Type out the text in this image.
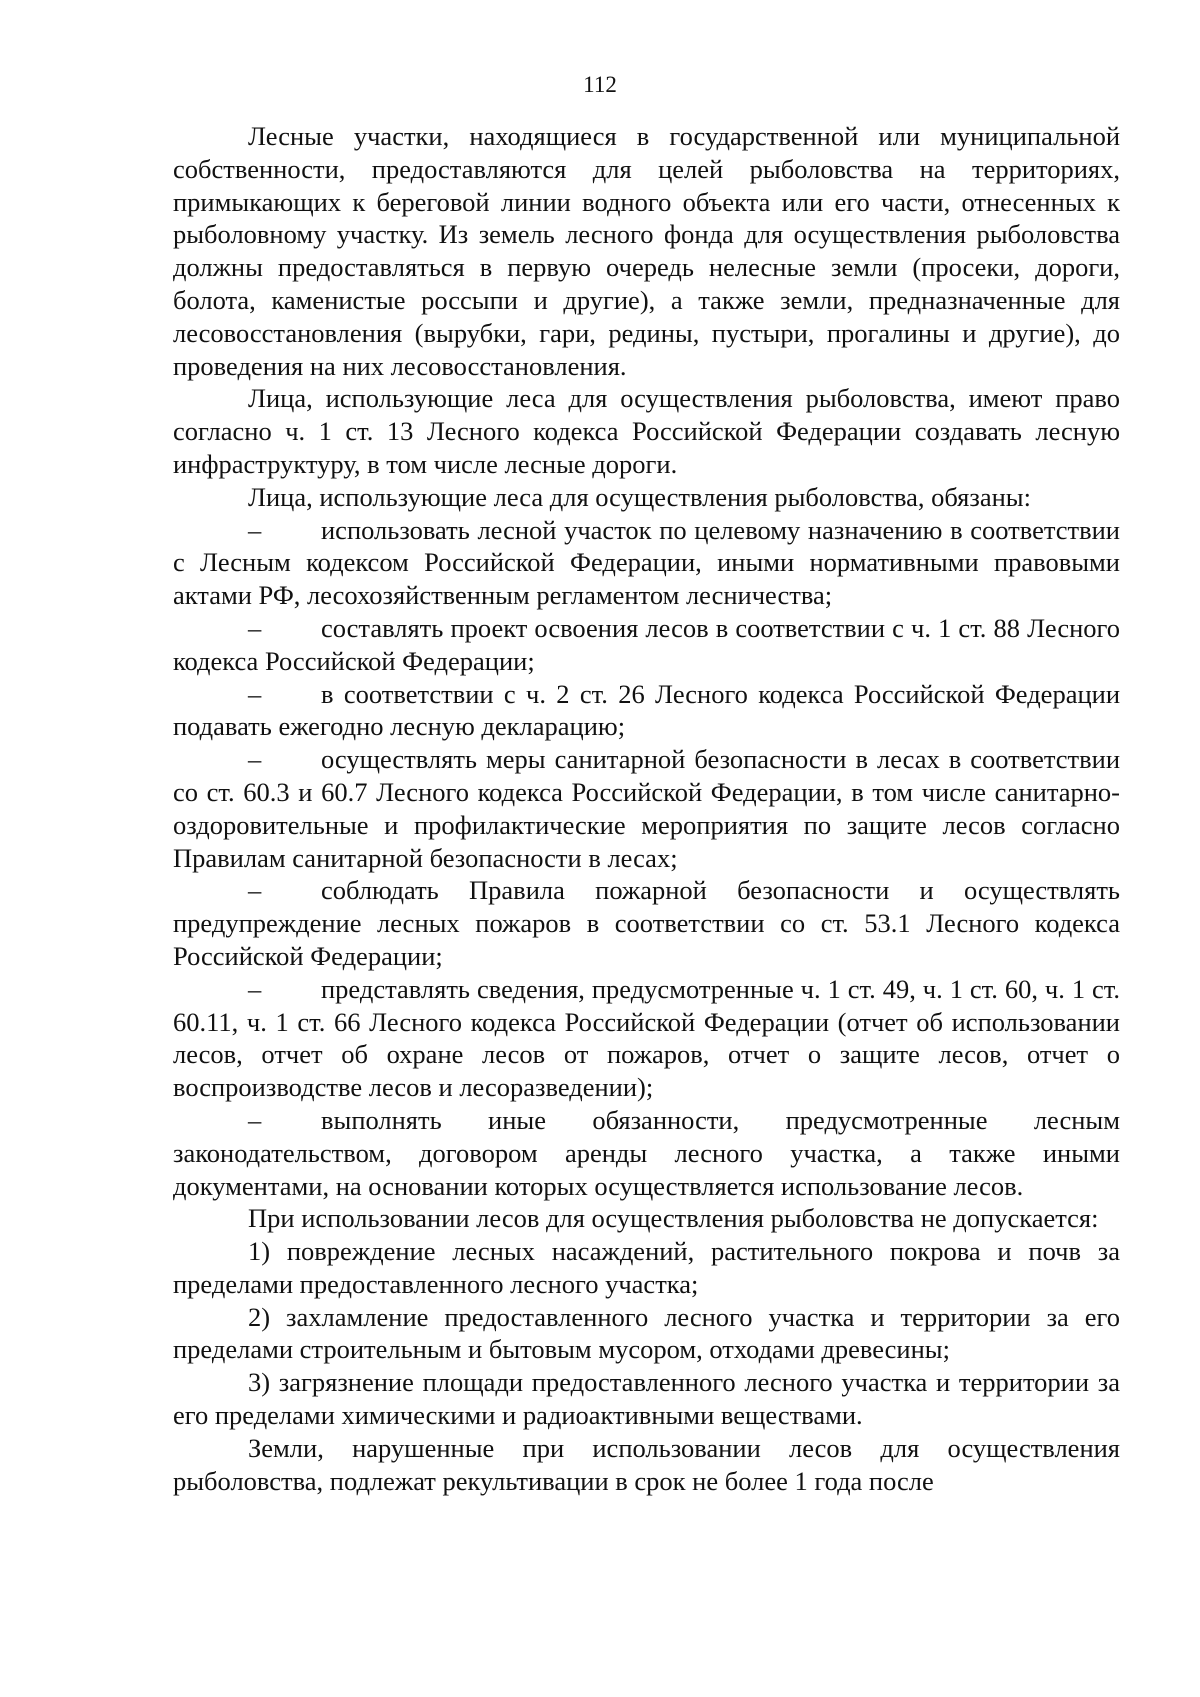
112

Лесные участки, находящиеся в государственной или муниципальной собственности, предоставляются для целей рыболовства на территориях, примыкающих к береговой линии водного объекта или его части, отнесенных к рыболовному участку. Из земель лесного фонда для осуществления рыболовства должны предоставляться в первую очередь нелесные земли (просеки, дороги, болота, каменистые россыпи и другие), а также земли, предназначенные для лесовосстановления (вырубки, гари, редины, пустыри, прогалины и другие), до проведения на них лесовосстановления.

Лица, использующие леса для осуществления рыболовства, имеют право согласно ч. 1 ст. 13 Лесного кодекса Российской Федерации создавать лесную инфраструктуру, в том числе лесные дороги.

Лица, использующие леса для осуществления рыболовства, обязаны:

– использовать лесной участок по целевому назначению в соответствии с Лесным кодексом Российской Федерации, иными нормативными правовыми актами РФ, лесохозяйственным регламентом лесничества;

– составлять проект освоения лесов в соответствии с ч. 1 ст. 88 Лесного кодекса Российской Федерации;

– в соответствии с ч. 2 ст. 26 Лесного кодекса Российской Федерации подавать ежегодно лесную декларацию;

– осуществлять меры санитарной безопасности в лесах в соответствии со ст. 60.3 и 60.7 Лесного кодекса Российской Федерации, в том числе санитарно-оздоровительные и профилактические мероприятия по защите лесов согласно Правилам санитарной безопасности в лесах;

– соблюдать Правила пожарной безопасности и осуществлять предупреждение лесных пожаров в соответствии со ст. 53.1 Лесного кодекса Российской Федерации;

– представлять сведения, предусмотренные ч. 1 ст. 49, ч. 1 ст. 60, ч. 1 ст. 60.11, ч. 1 ст. 66 Лесного кодекса Российской Федерации (отчет об использовании лесов, отчет об охране лесов от пожаров, отчет о защите лесов, отчет о воспроизводстве лесов и лесоразведении);

– выполнять иные обязанности, предусмотренные лесным законодательством, договором аренды лесного участка, а также иными документами, на основании которых осуществляется использование лесов.

При использовании лесов для осуществления рыболовства не допускается:

1) повреждение лесных насаждений, растительного покрова и почв за пределами предоставленного лесного участка;

2) захламление предоставленного лесного участка и территории за его пределами строительным и бытовым мусором, отходами древесины;

3) загрязнение площади предоставленного лесного участка и территории за его пределами химическими и радиоактивными веществами.

Земли, нарушенные при использовании лесов для осуществления рыболовства, подлежат рекультивации в срок не более 1 года после
